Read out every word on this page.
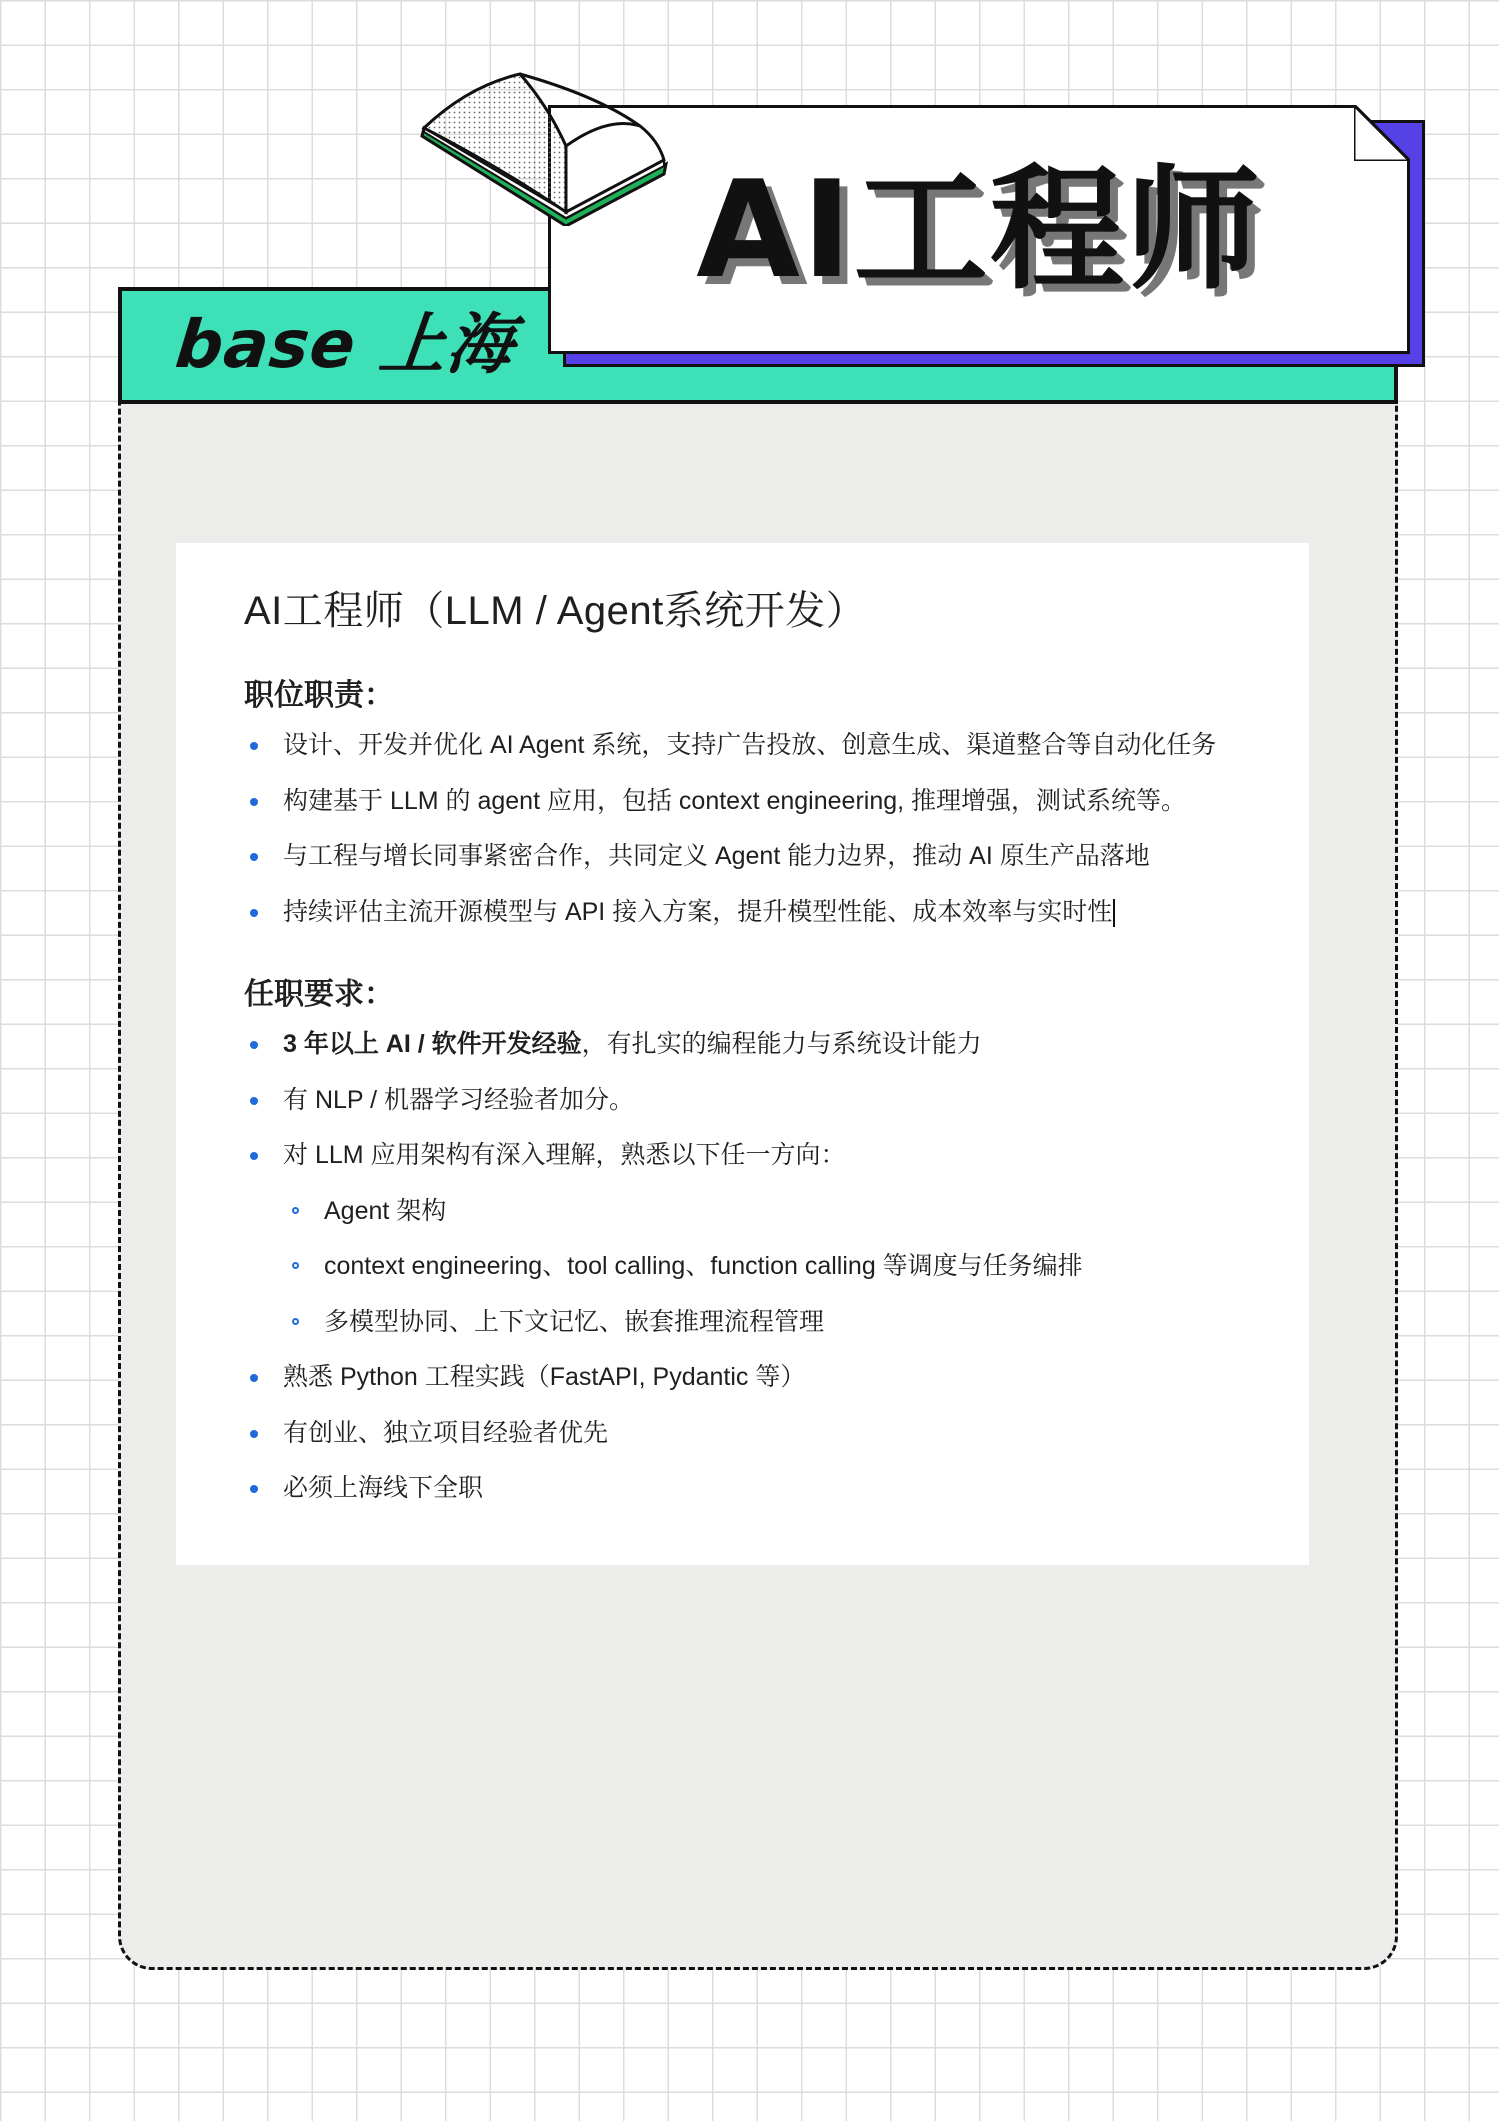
base 上海
AI工程师
AI工程师（LLM / Agent系统开发）
职位职责：
设计、开发并优化 AI Agent 系统，支持广告投放、创意生成、渠道整合等自动化任务
构建基于 LLM 的 agent 应用，包括 context engineering, 推理增强，测试系统等。
与工程与增长同事紧密合作，共同定义 Agent 能力边界，推动 AI 原生产品落地
持续评估主流开源模型与 API 接入方案，提升模型性能、成本效率与实时性
任职要求：
3 年以上 AI / 软件开发经验，有扎实的编程能力与系统设计能力
有 NLP / 机器学习经验者加分。
对 LLM 应用架构有深入理解，熟悉以下任一方向：
Agent 架构
context engineering、tool calling、function calling 等调度与任务编排
多模型协同、上下文记忆、嵌套推理流程管理
熟悉 Python 工程实践（FastAPI, Pydantic 等）
有创业、独立项目经验者优先
必须上海线下全职
